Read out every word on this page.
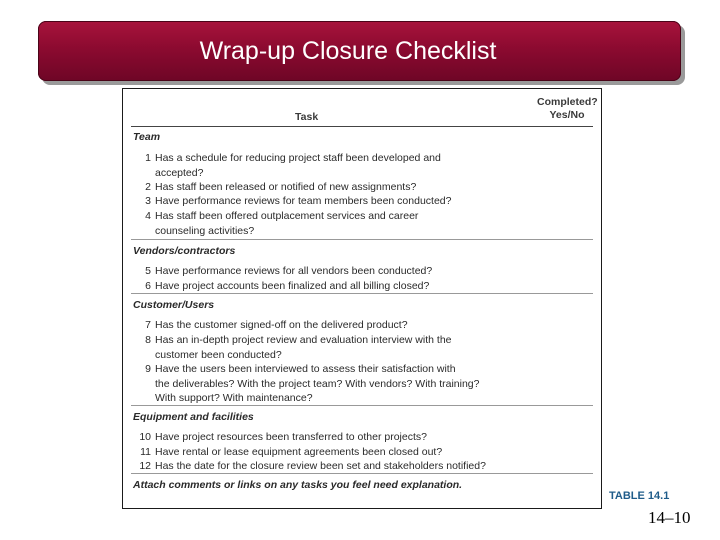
Wrap-up Closure Checklist
Completed?
Yes/No
Task
Team
1 Has a schedule for reducing project staff been developed and
accepted?
2 Has staff been released or notified of new assignments?
3 Have performance reviews for team members been conducted?
4 Has staff been offered outplacement services and career
counseling activities?
Vendors/contractors
5 Have performance reviews for all vendors been conducted?
6 Have project accounts been finalized and all billing closed?
Customer/Users
7 Has the customer signed-off on the delivered product?
8 Has an in-depth project review and evaluation interview with the
customer been conducted?
9 Have the users been interviewed to assess their satisfaction with
the deliverables? With the project team? With vendors? With training?
With support? With maintenance?
Equipment and facilities
10 Have project resources been transferred to other projects?
11 Have rental or lease equipment agreements been closed out?
12 Has the date for the closure review been set and stakeholders notified?
Attach comments or links on any tasks you feel need explanation.
TABLE 14.1
14–10
